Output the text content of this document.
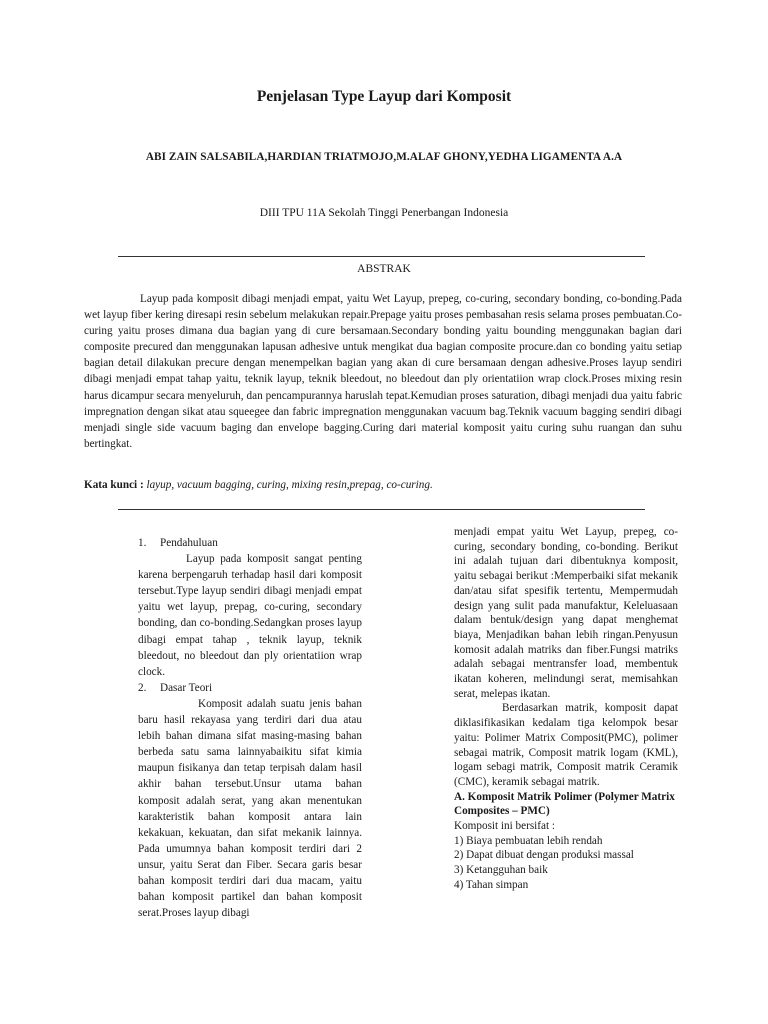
Penjelasan Type Layup dari Komposit
ABI ZAIN SALSABILA,HARDIAN TRIATMOJO,M.ALAF GHONY,YEDHA LIGAMENTA A.A
DIII TPU 11A Sekolah Tinggi Penerbangan Indonesia
ABSTRAK
Layup pada komposit dibagi menjadi empat, yaitu Wet Layup, prepeg, co-curing, secondary bonding, co-bonding.Pada wet layup fiber kering diresapi resin sebelum melakukan repair.Prepage yaitu proses pembasahan resis selama proses pembuatan.Co-curing yaitu proses dimana dua bagian yang di cure bersamaan.Secondary bonding yaitu bounding menggunakan bagian dari composite precured dan menggunakan lapusan adhesive untuk mengikat dua bagian composite procure.dan co bonding yaitu setiap bagian detail dilakukan precure dengan menempelkan bagian yang akan di cure bersamaan dengan adhesive.Proses layup sendiri dibagi menjadi empat tahap yaitu, teknik layup, teknik bleedout, no bleedout dan ply orientatiion wrap clock.Proses mixing resin harus dicampur secara menyeluruh, dan pencampurannya haruslah tepat.Kemudian proses saturation, dibagi menjadi dua yaitu fabric impregnation dengan sikat atau squeegee dan fabric impregnation menggunakan vacuum bag.Teknik vacuum bagging sendiri dibagi menjadi single side vacuum baging dan envelope bagging.Curing dari material komposit yaitu curing suhu ruangan dan suhu bertingkat.
Kata kunci : layup, vacuum bagging, curing, mixing resin,prepag, co-curing.
1. Pendahuluan

Layup pada komposit sangat penting karena berpengaruh terhadap hasil dari komposit tersebut.Type layup sendiri dibagi menjadi empat yaitu wet layup, prepag, co-curing, secondary bonding, dan co-bonding.Sedangkan proses layup dibagi empat tahap , teknik layup, teknik bleedout, no bleedout dan ply orientatiion wrap clock.

2. Dasar Teori

Komposit adalah suatu jenis bahan baru hasil rekayasa yang terdiri dari dua atau lebih bahan dimana sifat masing-masing bahan berbeda satu sama lainnyabaikitu sifat kimia maupun fisikanya dan tetap terpisah dalam hasil akhir bahan tersebut.Unsur utama bahan komposit adalah serat, yang akan menentukan karakteristik bahan komposit antara lain kekakuan, kekuatan, dan sifat mekanik lainnya. Pada umumnya bahan komposit terdiri dari 2 unsur, yaitu Serat dan Fiber. Secara garis besar bahan komposit terdiri dari dua macam, yaitu bahan komposit partikel dan bahan komposit serat.Proses layup dibagi

menjadi empat yaitu Wet Layup, prepeg, co-curing, secondary bonding, co-bonding. Berikut ini adalah tujuan dari dibentuknya komposit, yaitu sebagai berikut :Memperbaiki sifat mekanik dan/atau sifat spesifik tertentu, Mempermudah design yang sulit pada manufaktur, Keleluasaan dalam bentuk/design yang dapat menghemat biaya, Menjadikan bahan lebih ringan.Penyusun komosit adalah matriks dan fiber.Fungsi matriks adalah sebagai mentransfer load, membentuk ikatan koheren, melindungi serat, memisahkan serat, melepas ikatan.

Berdasarkan matrik, komposit dapat diklasifikasikan kedalam tiga kelompok besar yaitu: Polimer Matrix Composit(PMC), polimer sebagai matrik, Composit matrik logam (KML), logam sebagi matrik, Composit matrik Ceramik (CMC), keramik sebagai matrik.

A. Komposit Matrik Polimer (Polymer Matrix Composites – PMC)

Komposit ini bersifat :

1) Biaya pembuatan lebih rendah
2) Dapat dibuat dengan produksi massal
3) Ketangguhan baik
4) Tahan simpan
